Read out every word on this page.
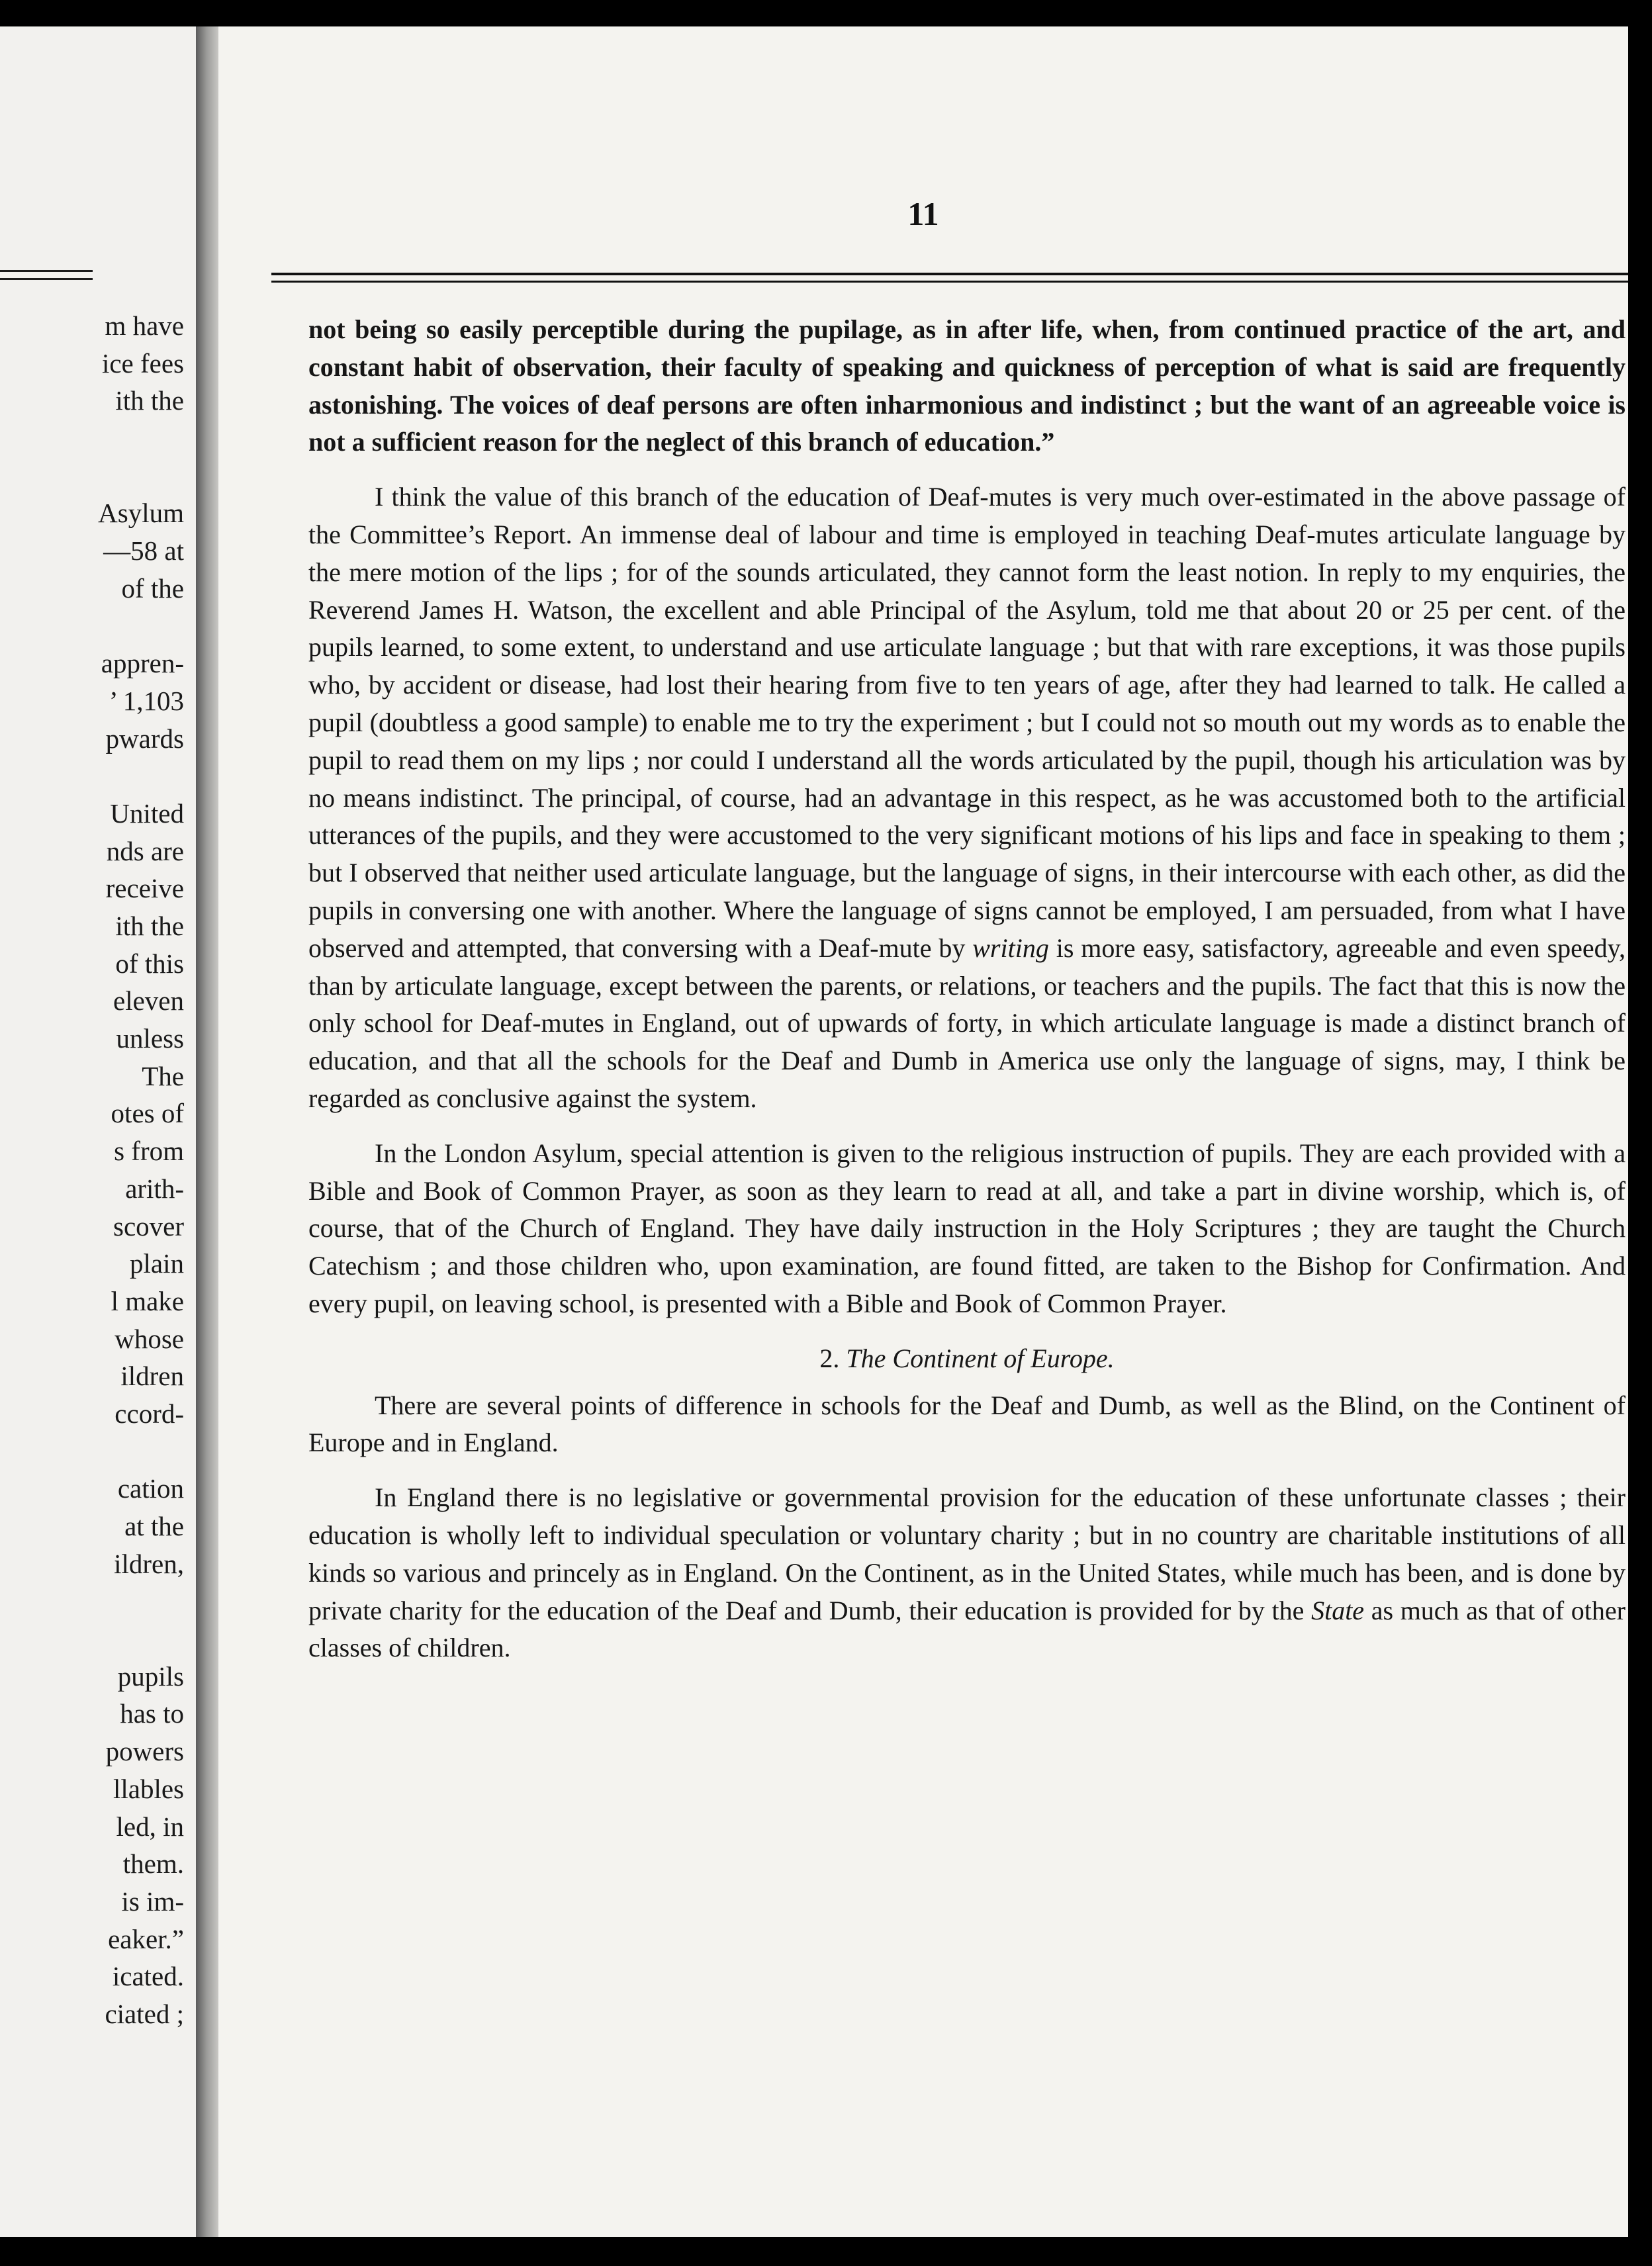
m have
ice fees
ith the
Asylum
—58 at
of the
appren-
’ 1,103
pwards
United
nds are
receive
ith the
of this
eleven
unless
The
otes of
s from
arith-
scover
plain
l make
whose
ildren
ccord-
cation
at the
ildren,
pupils
has to
powers
llables
led, in
them.
is im-
eaker.”
icated.
ciated ;
11

not being so easily perceptible during the pupilage, as in after life, when, from continued practice of the art, and constant habit of observation, their faculty of speaking and quickness of perception of what is said are frequently astonishing. The voices of deaf persons are often inharmonious and indistinct ; but the want of an agreeable voice is not a sufficient reason for the neglect of this branch of education.”

I think the value of this branch of the education of Deaf-mutes is very much over-estimated in the above passage of the Committee’s Report. An immense deal of labour and time is employed in teaching Deaf-mutes articulate language by the mere motion of the lips ; for of the sounds articulated, they cannot form the least notion. In reply to my enquiries, the Reverend James H. Watson, the excellent and able Principal of the Asylum, told me that about 20 or 25 per cent. of the pupils learned, to some extent, to understand and use articulate language ; but that with rare exceptions, it was those pupils who, by accident or disease, had lost their hearing from five to ten years of age, after they had learned to talk. He called a pupil (doubtless a good sample) to enable me to try the experiment ; but I could not so mouth out my words as to enable the pupil to read them on my lips ; nor could I understand all the words articulated by the pupil, though his articulation was by no means indistinct. The principal, of course, had an advantage in this respect, as he was accustomed both to the artificial utterances of the pupils, and they were accustomed to the very significant motions of his lips and face in speaking to them ; but I observed that neither used articulate language, but the language of signs, in their intercourse with each other, as did the pupils in conversing one with another. Where the language of signs cannot be employed, I am persuaded, from what I have observed and attempted, that conversing with a Deaf-mute by writing is more easy, satisfactory, agreeable and even speedy, than by articulate language, except between the parents, or relations, or teachers and the pupils. The fact that this is now the only school for Deaf-mutes in England, out of upwards of forty, in which articulate language is made a distinct branch of education, and that all the schools for the Deaf and Dumb in America use only the language of signs, may, I think be regarded as conclusive against the system.

In the London Asylum, special attention is given to the religious instruction of pupils. They are each provided with a Bible and Book of Common Prayer, as soon as they learn to read at all, and take a part in divine worship, which is, of course, that of the Church of England. They have daily instruction in the Holy Scriptures ; they are taught the Church Catechism ; and those children who, upon examination, are found fitted, are taken to the Bishop for Confirmation. And every pupil, on leaving school, is presented with a Bible and Book of Common Prayer.

2. The Continent of Europe.

There are several points of difference in schools for the Deaf and Dumb, as well as the Blind, on the Continent of Europe and in England.

In England there is no legislative or governmental provision for the education of these unfortunate classes ; their education is wholly left to individual speculation or voluntary charity ; but in no country are charitable institutions of all kinds so various and princely as in England. On the Continent, as in the United States, while much has been, and is done by private charity for the education of the Deaf and Dumb, their education is provided for by the State as much as that of other classes of children.
